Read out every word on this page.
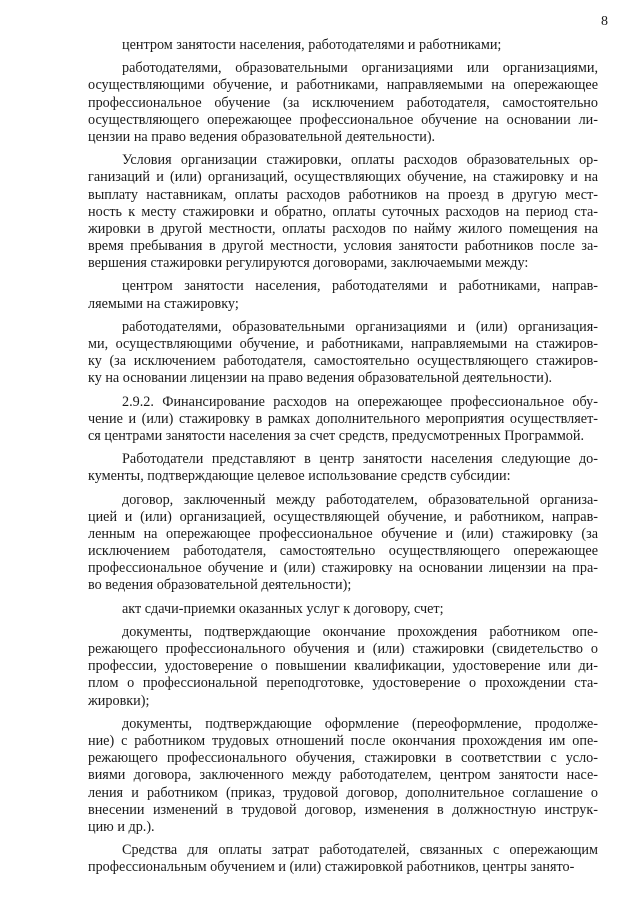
8
центром занятости населения, работодателями и работниками;
работодателями, образовательными организациями или организациями,
осуществляющими обучение, и работниками, направляемыми на опережающее
профессиональное обучение (за исключением работодателя, самостоятельно
осуществляющего опережающее профессиональное обучение на основании ли-
цензии на право ведения образовательной деятельности).
Условия организации стажировки, оплаты расходов образовательных ор-
ганизаций и (или) организаций, осуществляющих обучение, на стажировку и на
выплату наставникам, оплаты расходов работников на проезд в другую мест-
ность к месту стажировки и обратно, оплаты суточных расходов на период ста-
жировки в другой местности, оплаты расходов по найму жилого помещения на
время пребывания в другой местности, условия занятости работников после за-
вершения стажировки регулируются договорами, заключаемыми между:
центром занятости населения, работодателями и работниками, направ-
ляемыми на стажировку;
работодателями, образовательными организациями и (или) организация-
ми, осуществляющими обучение, и работниками, направляемыми на стажиров-
ку (за исключением работодателя, самостоятельно осуществляющего стажиров-
ку на основании лицензии на право ведения образовательной деятельности).
2.9.2. Финансирование расходов на опережающее профессиональное обу-
чение и (или) стажировку в рамках дополнительного мероприятия осуществляет-
ся центрами занятости населения за счет средств, предусмотренных Программой.
Работодатели представляют в центр занятости населения следующие до-
кументы, подтверждающие целевое использование средств субсидии:
договор, заключенный между работодателем, образовательной организа-
цией и (или) организацией, осуществляющей обучение, и работником, направ-
ленным на опережающее профессиональное обучение и (или) стажировку (за
исключением работодателя, самостоятельно осуществляющего опережающее
профессиональное обучение и (или) стажировку на основании лицензии на пра-
во ведения образовательной деятельности);
акт сдачи-приемки оказанных услуг к договору, счет;
документы, подтверждающие окончание прохождения работником опе-
режающего профессионального обучения и (или) стажировки (свидетельство о
профессии, удостоверение о повышении квалификации, удостоверение или ди-
плом о профессиональной переподготовке, удостоверение о прохождении ста-
жировки);
документы, подтверждающие оформление (переоформление, продолже-
ние) с работником трудовых отношений после окончания прохождения им опе-
режающего профессионального обучения, стажировки в соответствии с усло-
виями договора, заключенного между работодателем, центром занятости насе-
ления и работником (приказ, трудовой договор, дополнительное соглашение о
внесении изменений в трудовой договор, изменения в должностную инструк-
цию и др.).
Средства для оплаты затрат работодателей, связанных с опережающим
профессиональным обучением и (или) стажировкой работников, центры занято-
